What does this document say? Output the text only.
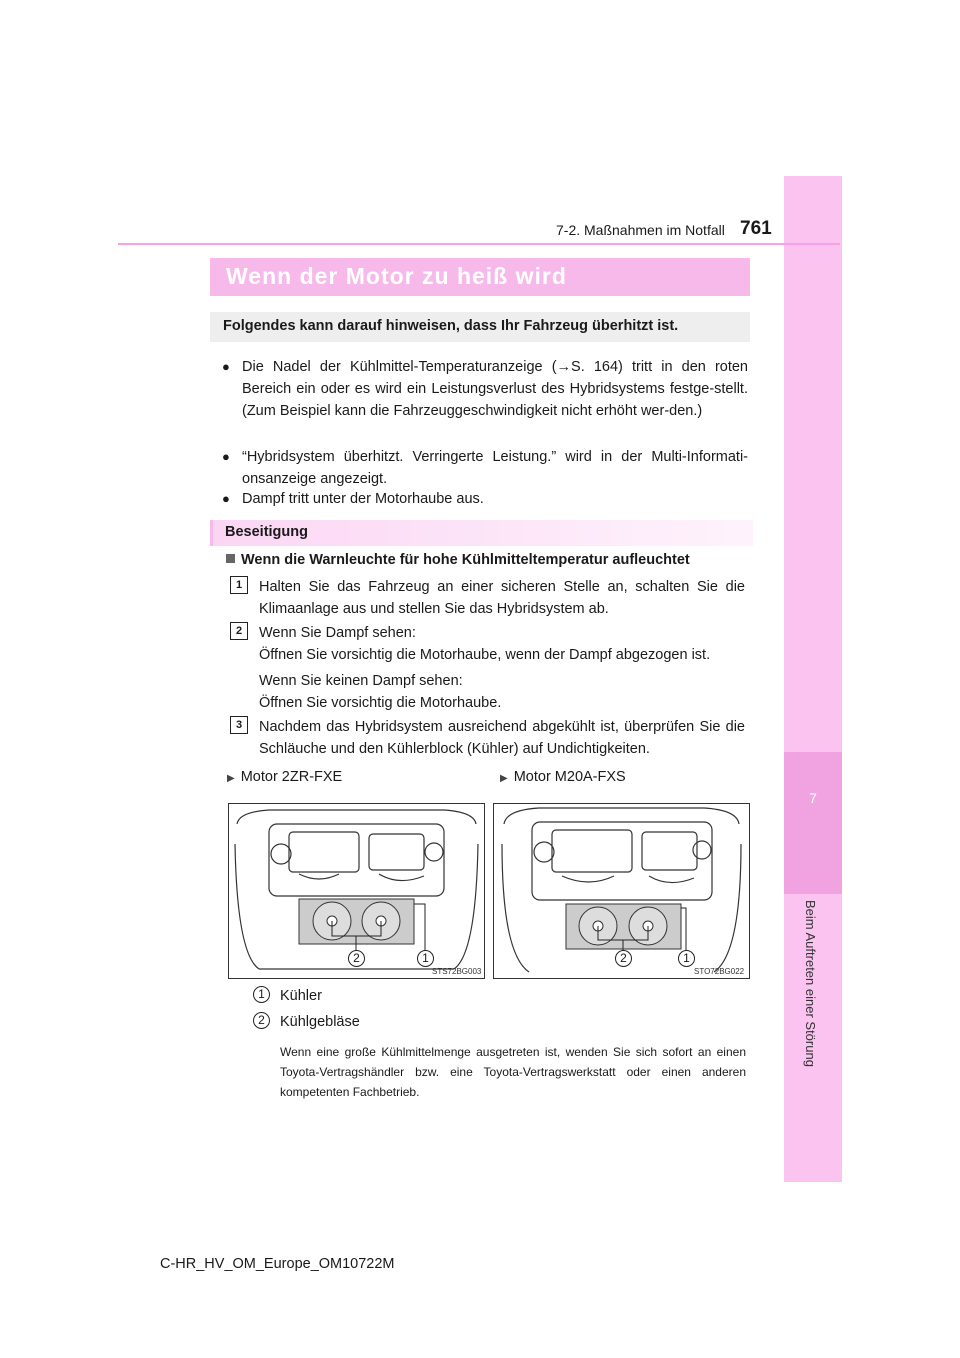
7
Beim Auftreten einer Störung
7-2. Maßnahmen im Notfall 761
Wenn der Motor zu heiß wird
Folgendes kann darauf hinweisen, dass Ihr Fahrzeug überhitzt ist.
● Die Nadel der Kühlmittel-Temperaturanzeige (→S. 164) tritt in den roten Bereich ein oder es wird ein Leistungsverlust des Hybridsystems festge-stellt. (Zum Beispiel kann die Fahrzeuggeschwindigkeit nicht erhöht wer-den.)
● “Hybridsystem überhitzt. Verringerte Leistung.” wird in der Multi-Informati-onsanzeige angezeigt.
● Dampf tritt unter der Motorhaube aus.
Beseitigung
Wenn die Warnleuchte für hohe Kühlmitteltemperatur aufleuchtet
1	Halten Sie das Fahrzeug an einer sicheren Stelle an, schalten Sie die Klimaanlage aus und stellen Sie das Hybridsystem ab.
2	Wenn Sie Dampf sehen:

Öffnen Sie vorsichtig die Motorhaube, wenn der Dampf abgezogen ist.

Wenn Sie keinen Dampf sehen:

Öffnen Sie vorsichtig die Motorhaube.

3	Nachdem das Hybridsystem ausreichend abgekühlt ist, überprüfen Sie die Schläuche und den Kühlerblock (Kühler) auf Undichtigkeiten.
▶ Motor 2ZR-FXE	▶ Motor M20A-FXS
2	1
STS72BG003
2	1
STO72BG022
1	Kühler
2	Kühlgebläse
Wenn eine große Kühlmittelmenge ausgetreten ist, wenden Sie sich sofort an einen Toyota-Vertragshändler bzw. eine Toyota-Vertragswerkstatt oder einen anderen kompetenten Fachbetrieb.
C-HR_HV_OM_Europe_OM10722M
